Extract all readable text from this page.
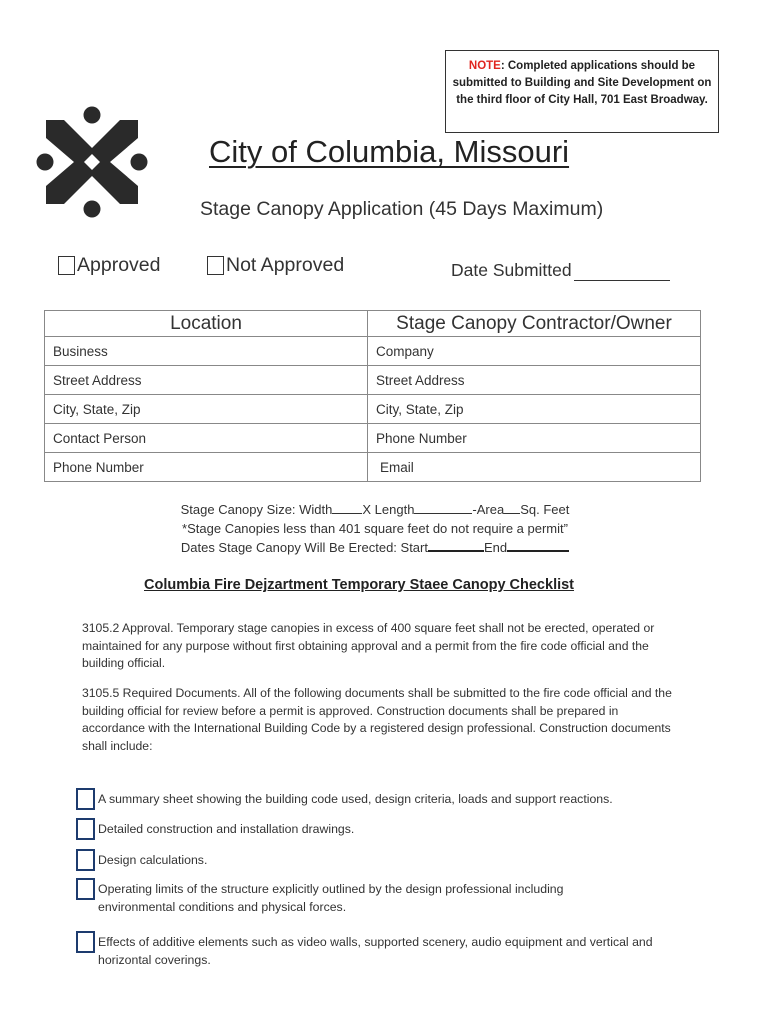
NOTE: Completed applications should be submitted to Building and Site Development on the third floor of City Hall, 701 East Broadway.
City of Columbia, Missouri
Stage Canopy Application (45 Days Maximum)
Approved	Not Approved	Date Submitted
Location	Stage Canopy Contractor/Owner
Business	Company
Street Address	Street Address
City, State, Zip	City, State, Zip
Contact Person	Phone Number
Phone Number	Email
Stage Canopy Size: Width X Length	-Area Sq. Feet
*Stage Canopies less than 401 square feet do not require a permit”
Dates Stage Canopy Will Be Erected: Start	End
Columbia Fire Dejzartment Temporary Staee Canopy Checklist
3105.2 Approval. Temporary stage canopies in excess of 400 square feet shall not be erected, operated or maintained for any purpose without first obtaining approval and a permit from the fire code official and the building official.
3105.5 Required Documents. All of the following documents shall be submitted to the fire code official and the building official for review before a permit is approved. Construction documents shall be prepared in accordance with the International Building Code by a registered design professional. Construction documents shall include:
A summary sheet showing the building code used, design criteria, loads and support reactions.
Detailed construction and installation drawings.
Design calculations.
Operating limits of the structure explicitly outlined by the design professional including environmental conditions and physical forces.
Effects of additive elements such as video walls, supported scenery, audio equipment and vertical and horizontal coverings.
